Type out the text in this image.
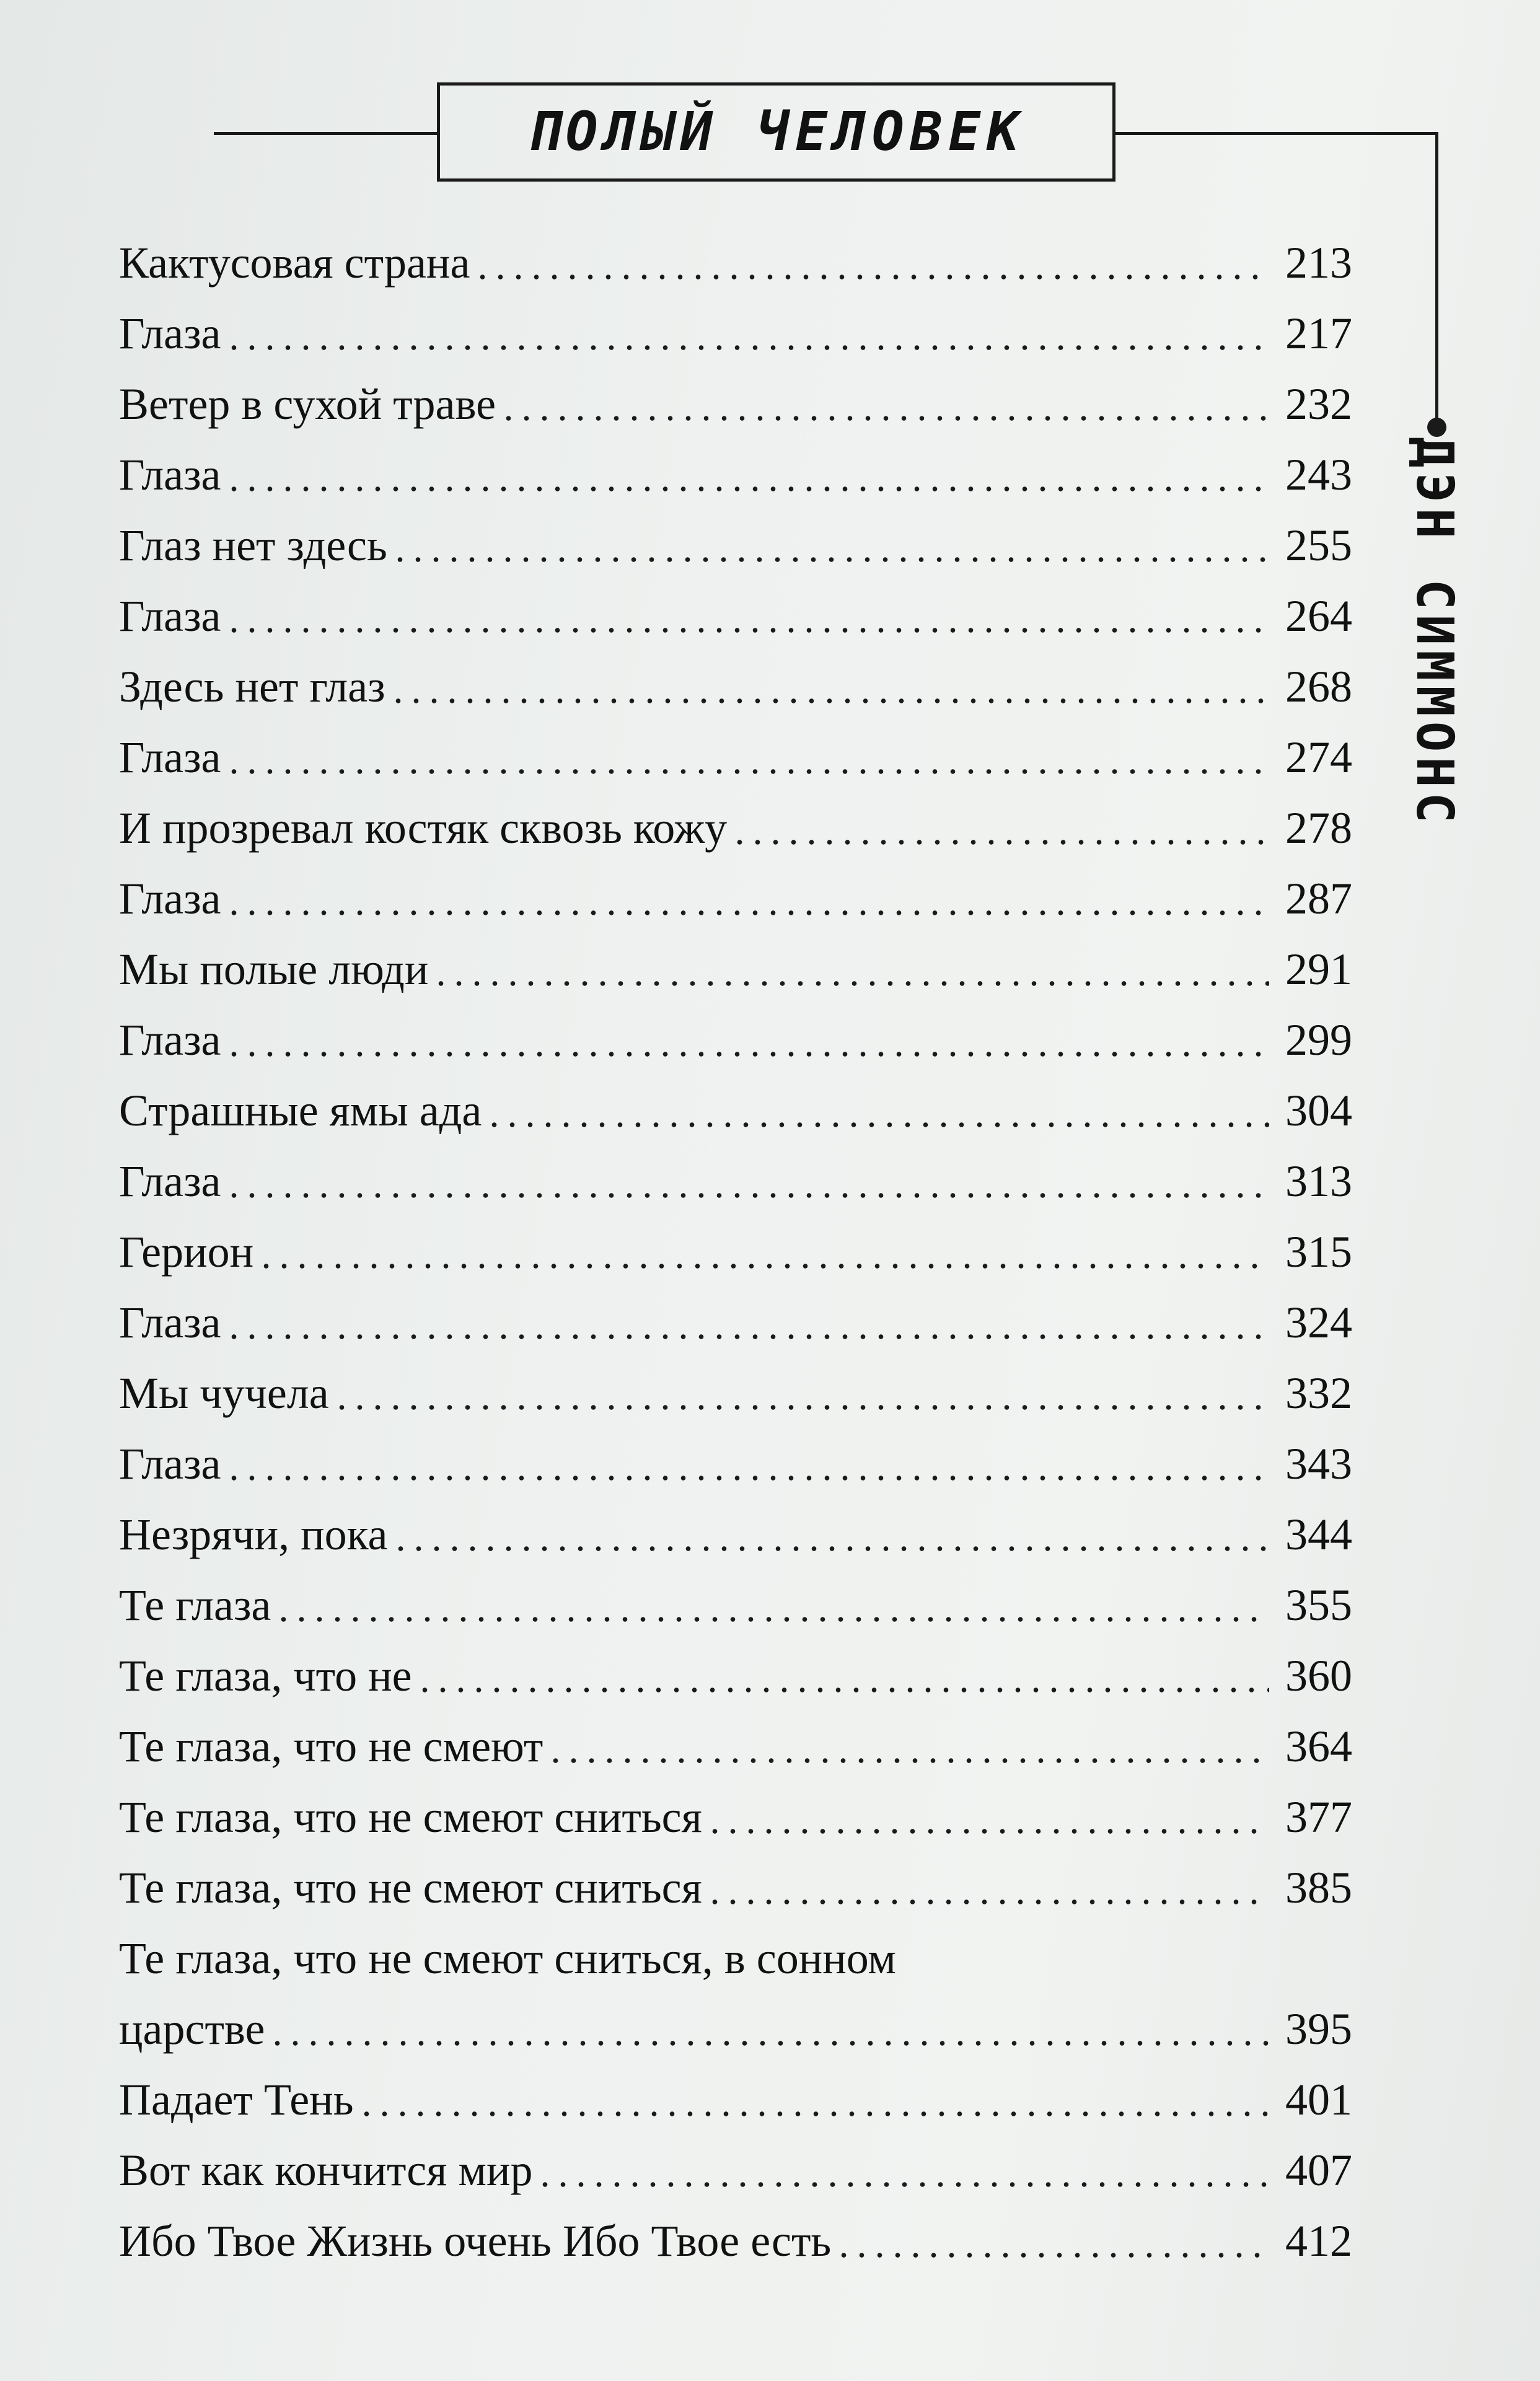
ПОЛЫЙ ЧЕЛОВЕК
ДЭН СИММОНС
Кактусовая страна	213
Глаза	217
Ветер в сухой траве	232
Глаза	243
Глаз нет здесь	255
Глаза	264
Здесь нет глаз	268
Глаза	274
И прозревал костяк сквозь кожу	278
Глаза	287
Мы полые люди	291
Глаза	299
Страшные ямы ада	304
Глаза	313
Герион	315
Глаза	324
Мы чучела	332
Глаза	343
Незрячи, пока	344
Те глаза	355
Те глаза, что не	360
Те глаза, что не смеют	364
Те глаза, что не смеют сниться	377
Те глаза, что не смеют сниться	385
Те глаза, что не смеют сниться, в сонном
царстве	395
Падает Тень	401
Вот как кончится мир	407
Ибо Твое Жизнь очень Ибо Твое есть	412
